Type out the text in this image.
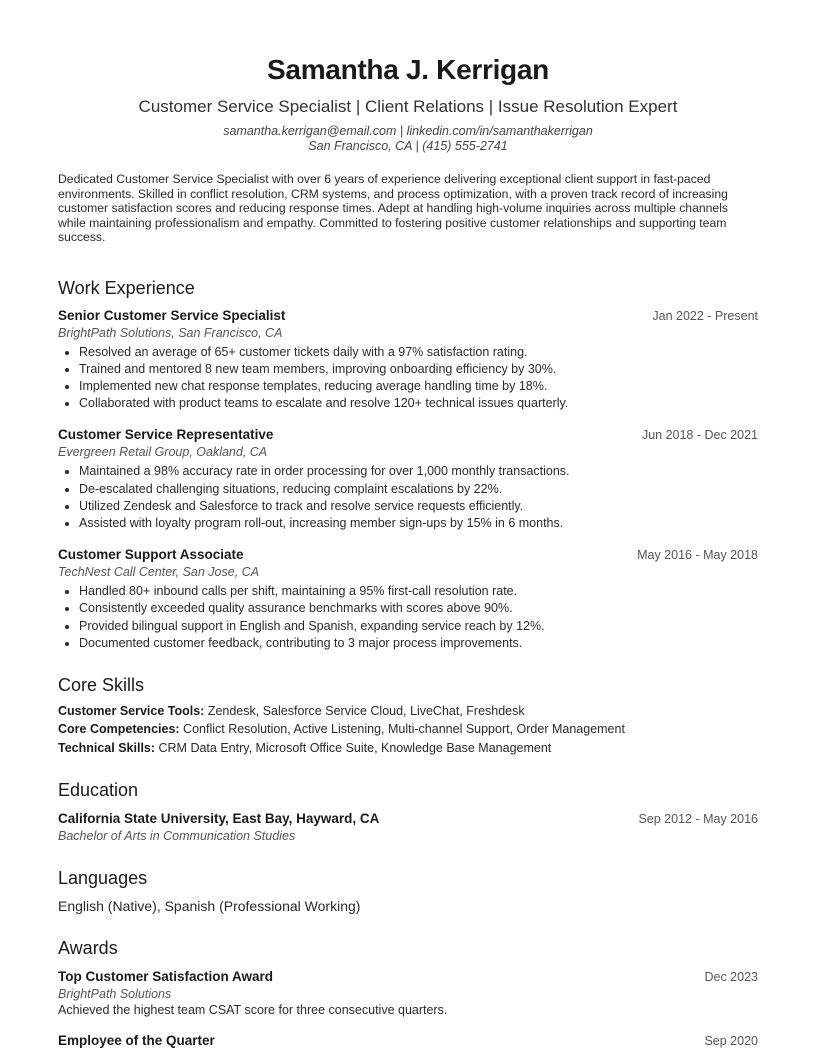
Samantha J. Kerrigan
Customer Service Specialist | Client Relations | Issue Resolution Expert
samantha.kerrigan@email.com | linkedin.com/in/samanthakerrigan
San Francisco, CA | (415) 555-2741
Dedicated Customer Service Specialist with over 6 years of experience delivering exceptional client support in fast-paced environments. Skilled in conflict resolution, CRM systems, and process optimization, with a proven track record of increasing customer satisfaction scores and reducing response times. Adept at handling high-volume inquiries across multiple channels while maintaining professionalism and empathy. Committed to fostering positive customer relationships and supporting team success.
Work Experience
Senior Customer Service Specialist	Jan 2022 - Present
BrightPath Solutions, San Francisco, CA
• Resolved an average of 65+ customer tickets daily with a 97% satisfaction rating.
• Trained and mentored 8 new team members, improving onboarding efficiency by 30%.
• Implemented new chat response templates, reducing average handling time by 18%.
• Collaborated with product teams to escalate and resolve 120+ technical issues quarterly.
Customer Service Representative	Jun 2018 - Dec 2021
Evergreen Retail Group, Oakland, CA
• Maintained a 98% accuracy rate in order processing for over 1,000 monthly transactions.
• De-escalated challenging situations, reducing complaint escalations by 22%.
• Utilized Zendesk and Salesforce to track and resolve service requests efficiently.
• Assisted with loyalty program roll-out, increasing member sign-ups by 15% in 6 months.
Customer Support Associate	May 2016 - May 2018
TechNest Call Center, San Jose, CA
• Handled 80+ inbound calls per shift, maintaining a 95% first-call resolution rate.
• Consistently exceeded quality assurance benchmarks with scores above 90%.
• Provided bilingual support in English and Spanish, expanding service reach by 12%.
• Documented customer feedback, contributing to 3 major process improvements.
Core Skills
Customer Service Tools: Zendesk, Salesforce Service Cloud, LiveChat, Freshdesk
Core Competencies: Conflict Resolution, Active Listening, Multi-channel Support, Order Management
Technical Skills: CRM Data Entry, Microsoft Office Suite, Knowledge Base Management
Education
California State University, East Bay, Hayward, CA	Sep 2012 - May 2016
Bachelor of Arts in Communication Studies
Languages
English (Native), Spanish (Professional Working)
Awards
Top Customer Satisfaction Award	Dec 2023
BrightPath Solutions
Achieved the highest team CSAT score for three consecutive quarters.
Employee of the Quarter	Sep 2020
